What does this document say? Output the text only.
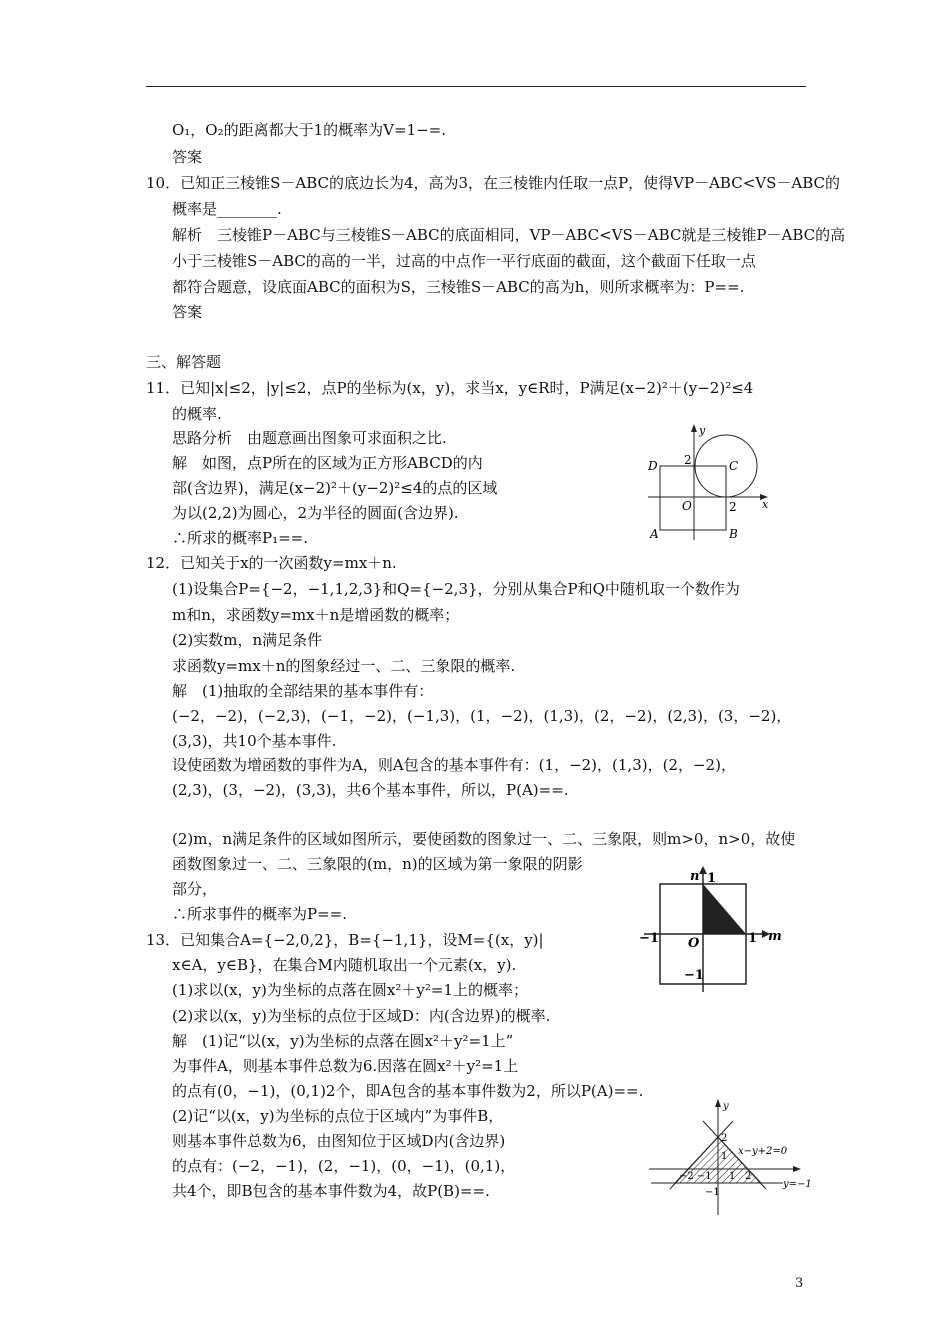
O₁，O₂的距离都大于1的概率为V=1−=.
答案
10．已知正三棱锥S－ABC的底边长为4，高为3，在三棱锥内任取一点P，使得VP－ABC<VS－ABC的
概率是________.
解析　三棱锥P－ABC与三棱锥S－ABC的底面相同，VP－ABC<VS－ABC就是三棱锥P－ABC的高
小于三棱锥S－ABC的高的一半，过高的中点作一平行底面的截面，这个截面下任取一点
都符合题意，设底面ABC的面积为S，三棱锥S－ABC的高为h，则所求概率为：P==.
答案
三、解答题
11．已知|x|≤2，|y|≤2，点P的坐标为(x，y)，求当x，y∈R时，P满足(x−2)²＋(y−2)²≤4
的概率.
思路分析　由题意画出图象可求面积之比.
解　如图，点P所在的区域为正方形ABCD的内
部(含边界)，满足(x−2)²＋(y−2)²≤4的点的区域
为以(2,2)为圆心，2为半径的圆面(含边界).
∴所求的概率P₁==.
12．已知关于x的一次函数y=mx＋n.
(1)设集合P={−2，−1,1,2,3}和Q={−2,3}，分别从集合P和Q中随机取一个数作为
m和n，求函数y=mx＋n是增函数的概率；
(2)实数m，n满足条件
求函数y=mx＋n的图象经过一、二、三象限的概率.
解　(1)抽取的全部结果的基本事件有：
(−2，−2)，(−2,3)，(−1，−2)，(−1,3)，(1，−2)，(1,3)，(2，−2)，(2,3)，(3，−2)，
(3,3)，共10个基本事件.
设使函数为增函数的事件为A，则A包含的基本事件有：(1，−2)，(1,3)，(2，−2)，
(2,3)，(3，−2)，(3,3)，共6个基本事件，所以，P(A)==.
(2)m，n满足条件的区域如图所示，要使函数的图象过一、二、三象限，则m>0，n>0，故使
函数图象过一、二、三象限的(m，n)的区域为第一象限的阴影
部分，
∴所求事件的概率为P==.
13．已知集合A={−2,0,2}，B={−1,1}，设M={(x，y)|
x∈A，y∈B}，在集合M内随机取出一个元素(x，y).
(1)求以(x，y)为坐标的点落在圆x²＋y²=1上的概率；
(2)求以(x，y)为坐标的点位于区域D：内(含边界)的概率.
解　(1)记“以(x，y)为坐标的点落在圆x²＋y²=1上”
为事件A，则基本事件总数为6.因落在圆x²＋y²=1上
的点有(0，−1)，(0,1)2个，即A包含的基本事件数为2，所以P(A)==.
(2)记“以(x，y)为坐标的点位于区域内”为事件B，
则基本事件总数为6，由图知位于区域D内(含边界)
的点有：(−2，−1)，(2，−1)，(0，−1)，(0,1)，
共4个，即B包含的基本事件数为4，故P(B)==.
y
x
D	C
A	B
O
2
2
n
m
1
1
−1
−1
O
y
x−y+2=0
y=−1
2
1
−2 −1 1 2
−1
3
